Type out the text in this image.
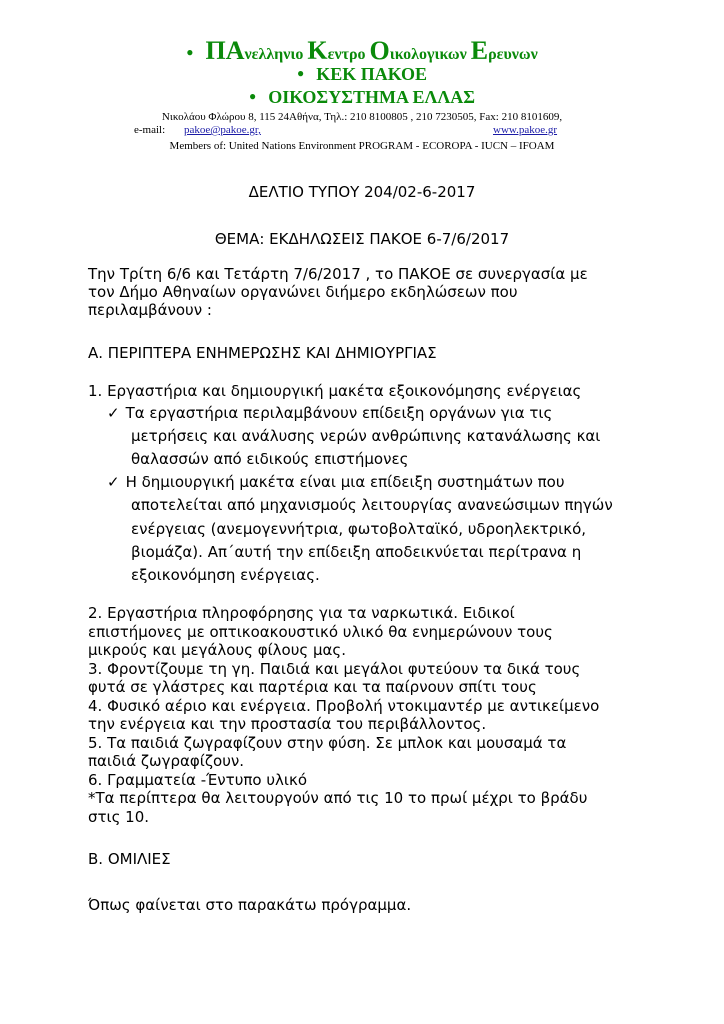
● ΠΑνελληνιο Κεντρο Οικολογικων Ερευνων
● ΚΕΚ ΠΑΚΟΕ
● ΟΙΚΟΣΥΣΤΗΜΑ ΕΛΛΑΣ
Νικολάου Φλώρου 8, 115 24Αθήνα, Τηλ.: 210 8100805 , 210 7230505, Fax: 210 8101609,
e-mail: pakoe@pakoe.gr,	www.pakoe.gr
Members of: United Nations Environment PROGRAM - ECOROPA - IUCN – IFOAM
ΔΕΛΤΙΟ ΤΥΠΟΥ 204/02-6-2017
ΘΕΜΑ: ΕΚΔΗΛΩΣΕΙΣ ΠΑΚΟΕ 6-7/6/2017
Την Τρίτη 6/6 και Τετάρτη 7/6/2017 , το ΠΑΚΟΕ σε συνεργασία με
τον Δήμο Αθηναίων οργανώνει διήμερο εκδηλώσεων που
περιλαμβάνουν :
Α. ΠΕΡΙΠΤΕΡΑ ΕΝΗΜΕΡΩΣΗΣ ΚΑΙ ΔΗΜΙΟΥΡΓΙΑΣ
1. Εργαστήρια και δημιουργική μακέτα εξοικονόμησης ενέργειας
✓ Τα εργαστήρια περιλαμβάνουν επίδειξη οργάνων για τις
μετρήσεις και ανάλυσης νερών ανθρώπινης κατανάλωσης και
θαλασσών από ειδικούς επιστήμονες
✓ Η δημιουργική μακέτα είναι μια επίδειξη συστημάτων που
αποτελείται από μηχανισμούς λειτουργίας ανανεώσιμων πηγών
ενέργειας (ανεμογεννήτρια, φωτοβολταϊκό, υδροηλεκτρικό,
βιομάζα). Απ΄αυτή την επίδειξη αποδεικνύεται περίτρανα η
εξοικονόμηση ενέργειας.
2. Εργαστήρια πληροφόρησης για τα ναρκωτικά. Ειδικοί
επιστήμονες με οπτικοακουστικό υλικό θα ενημερώνουν τους
μικρούς και μεγάλους φίλους μας.
3. Φροντίζουμε τη γη. Παιδιά και μεγάλοι φυτεύουν τα δικά τους
φυτά σε γλάστρες και παρτέρια και τα παίρνουν σπίτι τους
4. Φυσικό αέριο και ενέργεια. Προβολή ντοκιμαντέρ με αντικείμενο
την ενέργεια και την προστασία του περιβάλλοντος.
5. Τα παιδιά ζωγραφίζουν στην φύση. Σε μπλοκ και μουσαμά τα
παιδιά ζωγραφίζουν.
6. Γραμματεία -Έντυπο υλικό
*Τα περίπτερα θα λειτουργούν από τις 10 το πρωί μέχρι το βράδυ
στις 10.
Β. ΟΜΙΛΙΕΣ
Όπως φαίνεται στο παρακάτω πρόγραμμα.
